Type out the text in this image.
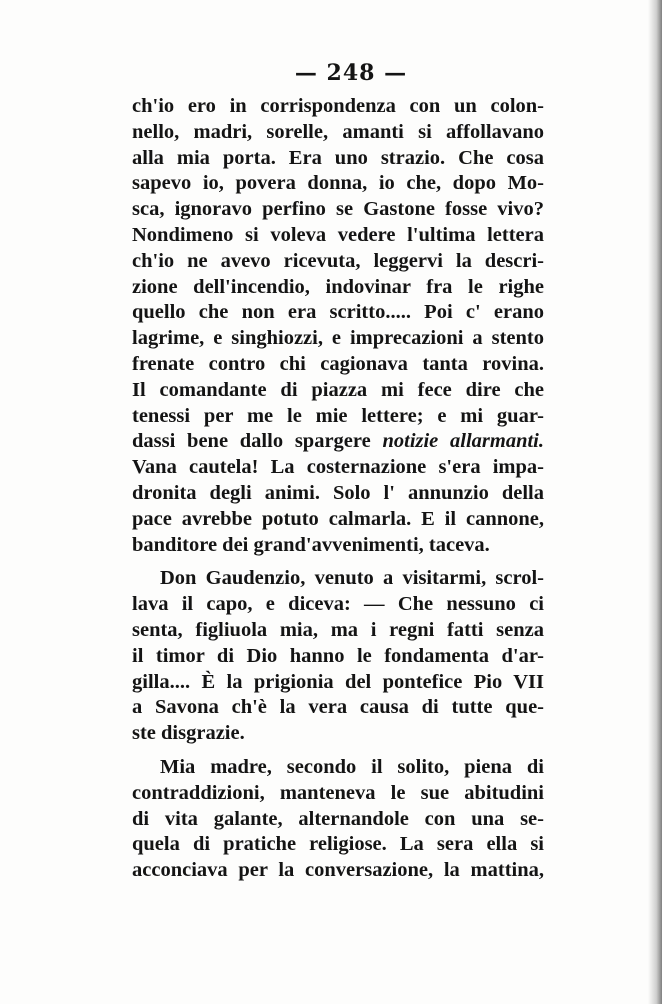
— 248 —
ch'io ero in corrispondenza con un colon-
nello, madri, sorelle, amanti si affollavano
alla mia porta. Era uno strazio. Che cosa
sapevo io, povera donna, io che, dopo Mo-
sca, ignoravo perfino se Gastone fosse vivo?
Nondimeno si voleva vedere l'ultima lettera
ch'io ne avevo ricevuta, leggervi la descri-
zione dell'incendio, indovinar fra le righe
quello che non era scritto..... Poi c' erano
lagrime, e singhiozzi, e imprecazioni a stento
frenate contro chi cagionava tanta rovina.
Il comandante di piazza mi fece dire che
tenessi per me le mie lettere; e mi guar-
dassi bene dallo spargere notizie allarmanti.
Vana cautela! La costernazione s'era impa-
dronita degli animi. Solo l' annunzio della
pace avrebbe potuto calmarla. E il cannone,
banditore dei grand'avvenimenti, taceva.
Don Gaudenzio, venuto a visitarmi, scrol-
lava il capo, e diceva: — Che nessuno ci
senta, figliuola mia, ma i regni fatti senza
il timor di Dio hanno le fondamenta d'ar-
gilla.... È la prigionia del pontefice Pio VII
a Savona ch'è la vera causa di tutte que-
ste disgrazie.
Mia madre, secondo il solito, piena di
contraddizioni, manteneva le sue abitudini
di vita galante, alternandole con una se-
quela di pratiche religiose. La sera ella si
acconciava per la conversazione, la mattina,
